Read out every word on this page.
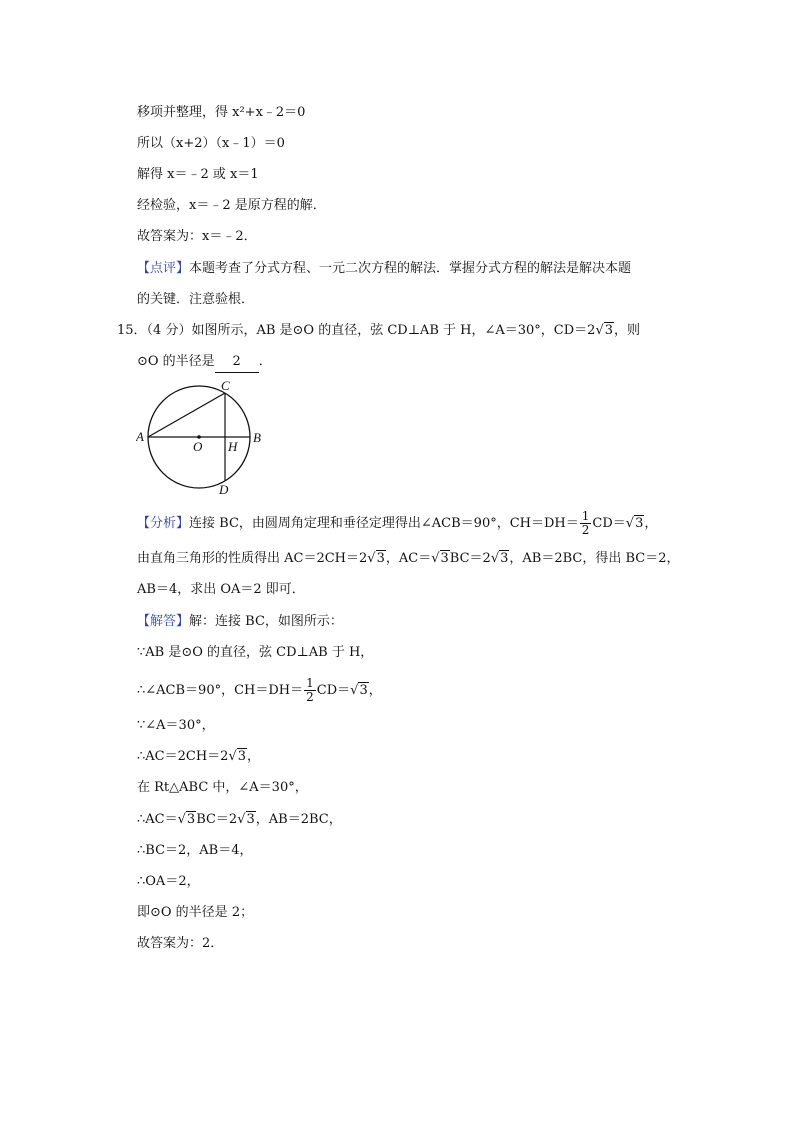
移项并整理，得 x²+x﹣2＝0
所以（x+2）（x﹣1）＝0
解得 x＝﹣2 或 x＝1
经检验，x＝﹣2 是原方程的解．
故答案为：x＝﹣2．
【点评】本题考查了分式方程、一元二次方程的解法．掌握分式方程的解法是解决本题
的关键．注意验根．
15．（4 分）如图所示，AB 是⊙O 的直径，弦 CD⊥AB 于 H，∠A＝30°，CD＝2√3，则
⊙O 的半径是 2 ．
A	B
C
D
O H
【分析】连接 BC，由圆周角定理和垂径定理得出∠ACB＝90°，$CH=DH= \frac{1}{2} CD=√3$，
由直角三角形的性质得出 AC＝2CH＝2√3，AC＝√3BC＝2√3，AB＝2BC，得出 BC＝2，
AB＝4，求出 OA＝2 即可．
【解答】解：连接 BC，如图所示：
∵AB 是⊙O 的直径，弦 CD⊥AB 于 H，
∴∠ACB＝90°，$CH=DH= \frac{1}{2} CD=√3$，
∵∠A＝30°，
∴AC＝2CH＝2√3，
在 Rt△ABC 中，∠A＝30°，
∴AC＝√3BC＝2√3，AB＝2BC，
∴BC＝2，AB＝4，
∴OA＝2，
即⊙O 的半径是 2；
故答案为：2．
